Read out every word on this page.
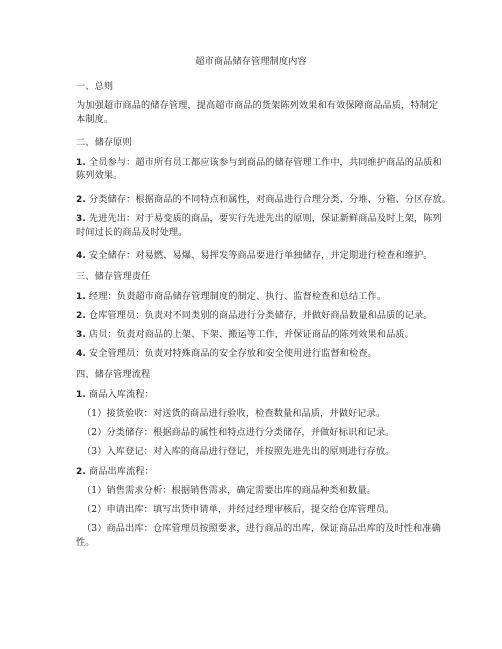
超市商品储存管理制度内容
一、总则
为加强超市商品的储存管理，提高超市商品的货架陈列效果和有效保障商品品质，特制定
本制度。
二、储存原则
1. 全员参与：超市所有员工都应该参与到商品的储存管理工作中，共同维护商品的品质和
陈列效果。
2. 分类储存：根据商品的不同特点和属性，对商品进行合理分类、分堆、分箱、分区存放。
3. 先进先出：对于易变质的商品，要实行先进先出的原则，保证新鲜商品及时上架，陈列
时间过长的商品及时处理。
4. 安全储存：对易燃、易爆、易挥发等商品要进行单独储存，并定期进行检查和维护。
三、储存管理责任
1. 经理：负责超市商品储存管理制度的制定、执行、监督检查和总结工作。
2. 仓库管理员：负责对不同类别的商品进行分类储存，并做好商品数量和品质的记录。
3. 店员：负责对商品的上架、下架、搬运等工作，并保证商品的陈列效果和品质。
4. 安全管理员：负责对特殊商品的安全存放和安全使用进行监督和检查。
四、储存管理流程
1. 商品入库流程：
（1）接货验收：对送货的商品进行验收，检查数量和品质，并做好记录。
（2）分类储存：根据商品的属性和特点进行分类储存，并做好标识和记录。
（3）入库登记：对入库的商品进行登记，并按照先进先出的原则进行存放。
2. 商品出库流程：
（1）销售需求分析：根据销售需求，确定需要出库的商品种类和数量。
（2）申请出库：填写出货申请单，并经过经理审核后，提交给仓库管理员。
（3）商品出库：仓库管理员按照要求，进行商品的出库，保证商品出库的及时性和准确
性。
